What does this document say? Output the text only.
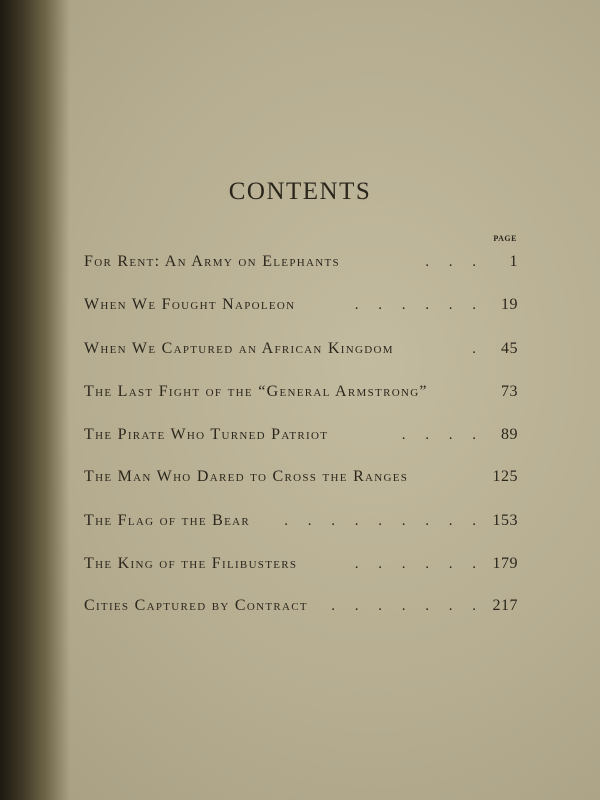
CONTENTS
PAGE
For Rent: An Army on Elephants	. . .	1
When We Fought Napoleon	. . . . . .	19
When We Captured an African Kingdom	.	45
The Last Fight of the “General Armstrong”	73
The Pirate Who Turned Patriot	. . . .	89
The Man Who Dared to Cross the Ranges	125
The Flag of the Bear	. . . . . . . . . 153
The King of the Filibusters	. . . . . . 179
Cities Captured by Contract	. . . . . . . 217
